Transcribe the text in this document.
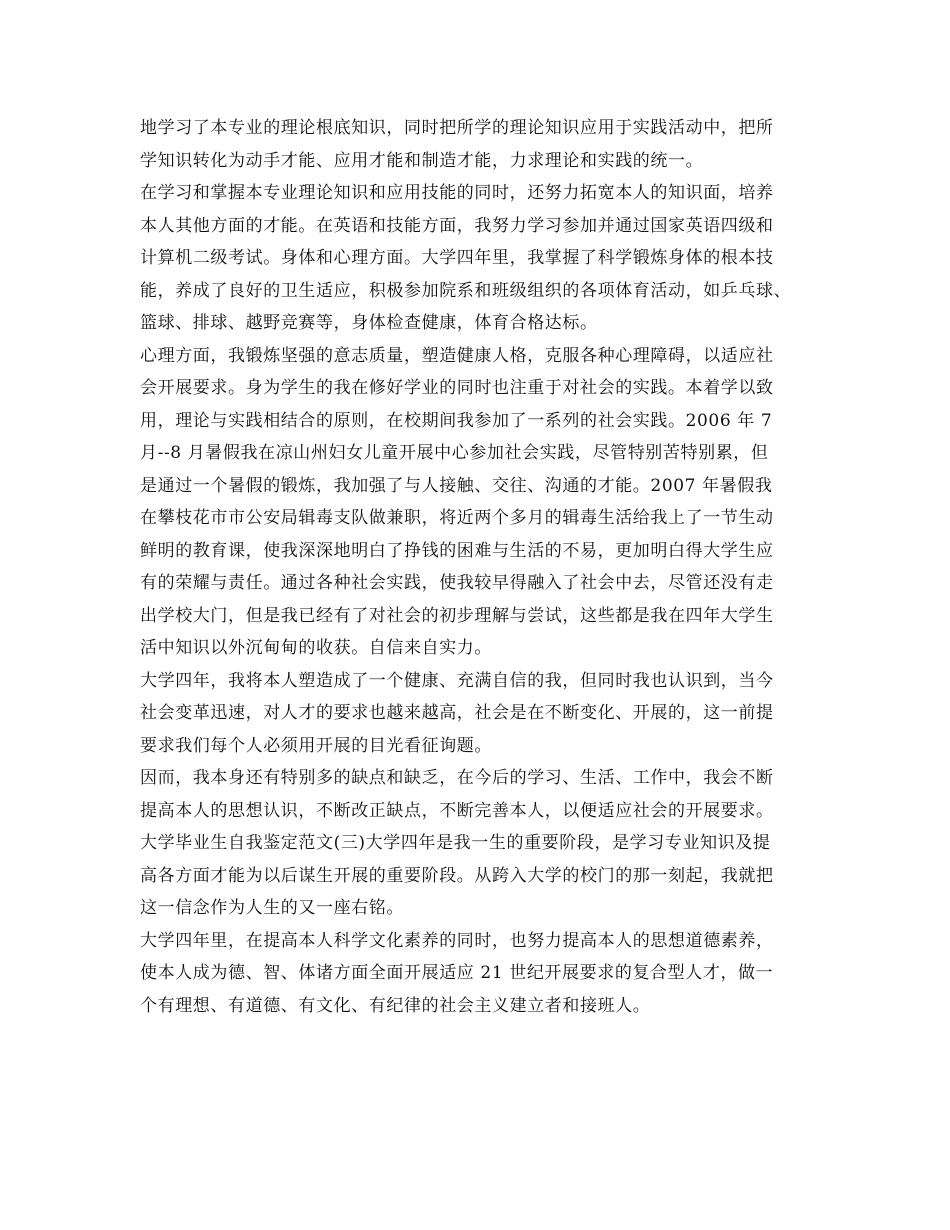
地学习了本专业的理论根底知识，同时把所学的理论知识应用于实践活动中，把所
学知识转化为动手才能、应用才能和制造才能，力求理论和实践的统一。
在学习和掌握本专业理论知识和应用技能的同时，还努力拓宽本人的知识面，培养
本人其他方面的才能。在英语和技能方面，我努力学习参加并通过国家英语四级和
计算机二级考试。身体和心理方面。大学四年里，我掌握了科学锻炼身体的根本技
能，养成了良好的卫生适应，积极参加院系和班级组织的各项体育活动，如乒乓球、
篮球、排球、越野竞赛等，身体检查健康，体育合格达标。
心理方面，我锻炼坚强的意志质量，塑造健康人格，克服各种心理障碍，以适应社
会开展要求。身为学生的我在修好学业的同时也注重于对社会的实践。本着学以致
用，理论与实践相结合的原则，在校期间我参加了一系列的社会实践。2006 年 7
月--8 月暑假我在凉山州妇女儿童开展中心参加社会实践，尽管特别苦特别累，但
是通过一个暑假的锻炼，我加强了与人接触、交往、沟通的才能。2007 年暑假我
在攀枝花市市公安局辑毒支队做兼职，将近两个多月的辑毒生活给我上了一节生动
鲜明的教育课，使我深深地明白了挣钱的困难与生活的不易，更加明白得大学生应
有的荣耀与责任。通过各种社会实践，使我较早得融入了社会中去，尽管还没有走
出学校大门，但是我已经有了对社会的初步理解与尝试，这些都是我在四年大学生
活中知识以外沉甸甸的收获。自信来自实力。
大学四年，我将本人塑造成了一个健康、充满自信的我，但同时我也认识到，当今
社会变革迅速，对人才的要求也越来越高，社会是在不断变化、开展的，这一前提
要求我们每个人必须用开展的目光看征询题。
因而，我本身还有特别多的缺点和缺乏，在今后的学习、生活、工作中，我会不断
提高本人的思想认识，不断改正缺点，不断完善本人，以便适应社会的开展要求。
大学毕业生自我鉴定范文(三)大学四年是我一生的重要阶段，是学习专业知识及提
高各方面才能为以后谋生开展的重要阶段。从跨入大学的校门的那一刻起，我就把
这一信念作为人生的又一座右铭。
大学四年里，在提高本人科学文化素养的同时，也努力提高本人的思想道德素养，
使本人成为德、智、体诸方面全面开展适应 21 世纪开展要求的复合型人才，做一
个有理想、有道德、有文化、有纪律的社会主义建立者和接班人。
